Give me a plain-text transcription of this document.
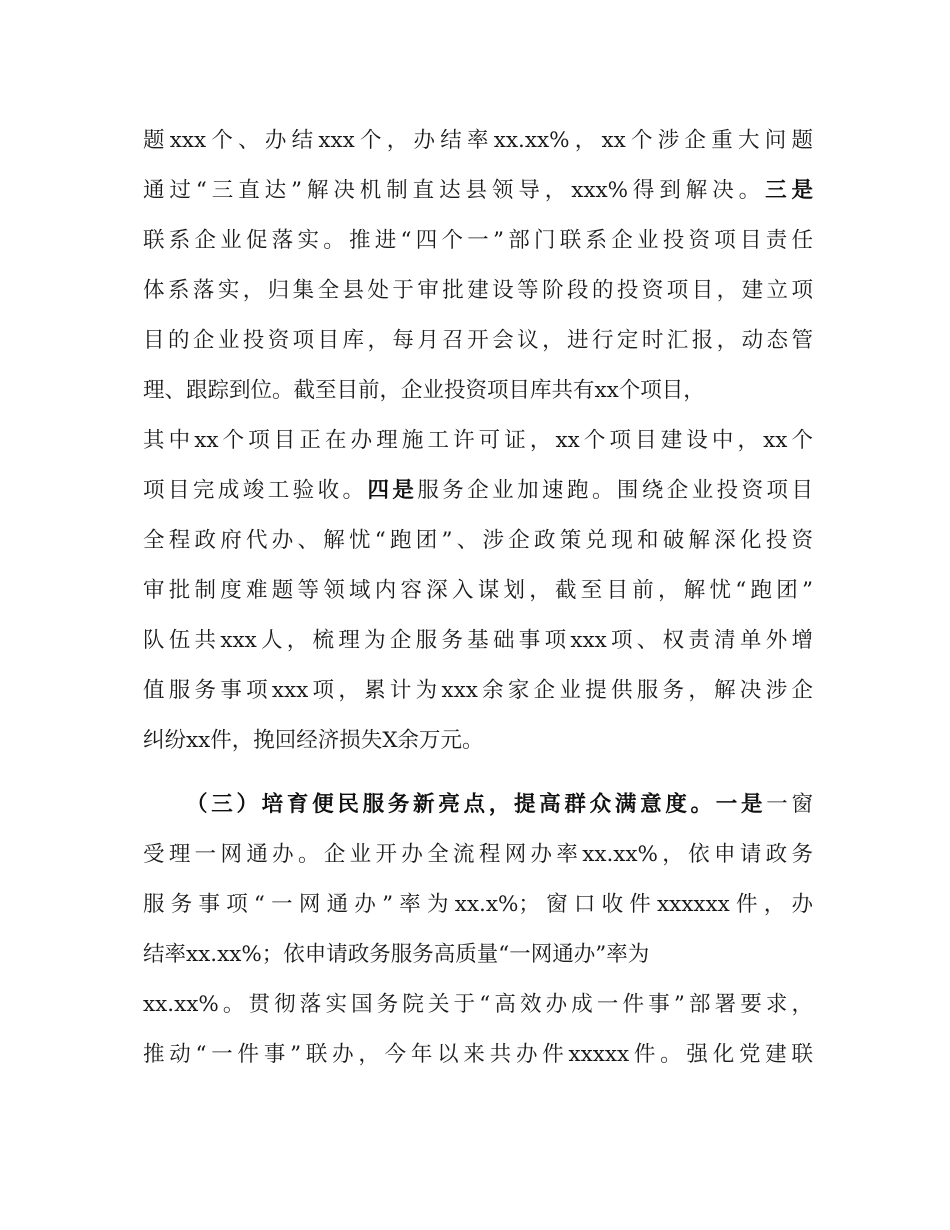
题xxx个、办结xxx个，办结率xx.xx%，xx个涉企重大问题
通过“三直达”解决机制直达县领导，xxx%得到解决。三是
联系企业促落实。推进“四个一”部门联系企业投资项目责任
体系落实，归集全县处于审批建设等阶段的投资项目，建立项
目的企业投资项目库，每月召开会议，进行定时汇报，动态管
理、跟踪到位。截至目前，企业投资项目库共有xx个项目，
其中xx个项目正在办理施工许可证，xx个项目建设中，xx个
项目完成竣工验收。四是服务企业加速跑。围绕企业投资项目
全程政府代办、解忧“跑团”、涉企政策兑现和破解深化投资
审批制度难题等领域内容深入谋划，截至目前，解忧“跑团”
队伍共xxx人，梳理为企服务基础事项xxx项、权责清单外增
值服务事项xxx项，累计为xxx余家企业提供服务，解决涉企
纠纷xx件，挽回经济损失X余万元。
（三）培育便民服务新亮点，提高群众满意度。一是一窗
受理一网通办。企业开办全流程网办率xx.xx%，依申请政务
服务事项“一网通办”率为xx.x%；窗口收件xxxxxx件，办
结率xx.xx%；依申请政务服务高质量“一网通办”率为
xx.xx%。贯彻落实国务院关于“高效办成一件事”部署要求，
推动“一件事”联办，今年以来共办件xxxxx件。强化党建联
